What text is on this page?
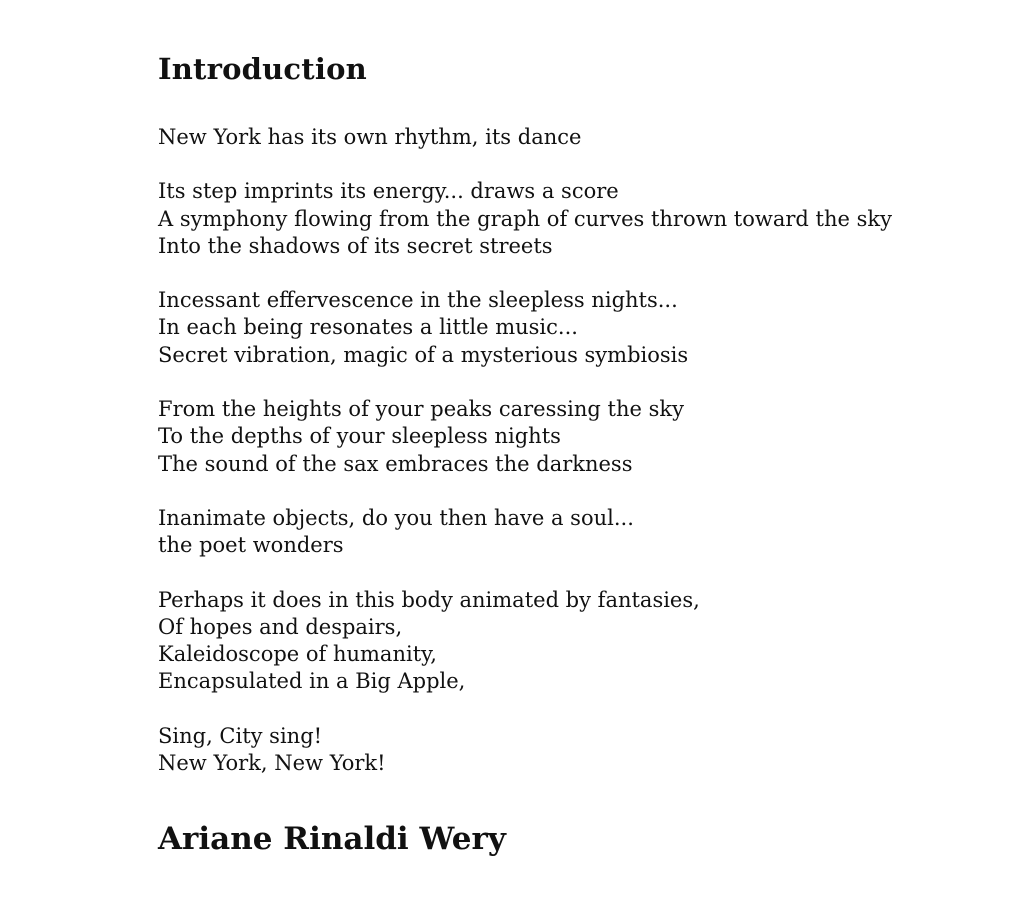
Introduction
New York has its own rhythm, its dance
Its step imprints its energy... draws a score
A symphony flowing from the graph of curves thrown toward the sky
Into the shadows of its secret streets
Incessant effervescence in the sleepless nights...
In each being resonates a little music...
Secret vibration, magic of a mysterious symbiosis
From the heights of your peaks caressing the sky
To the depths of your sleepless nights
The sound of the sax embraces the darkness
Inanimate objects, do you then have a soul...
the poet wonders
Perhaps it does in this body animated by fantasies,
Of hopes and despairs,
Kaleidoscope of humanity,
Encapsulated in a Big Apple,
Sing, City sing!
New York, New York!
Ariane Rinaldi Wery
